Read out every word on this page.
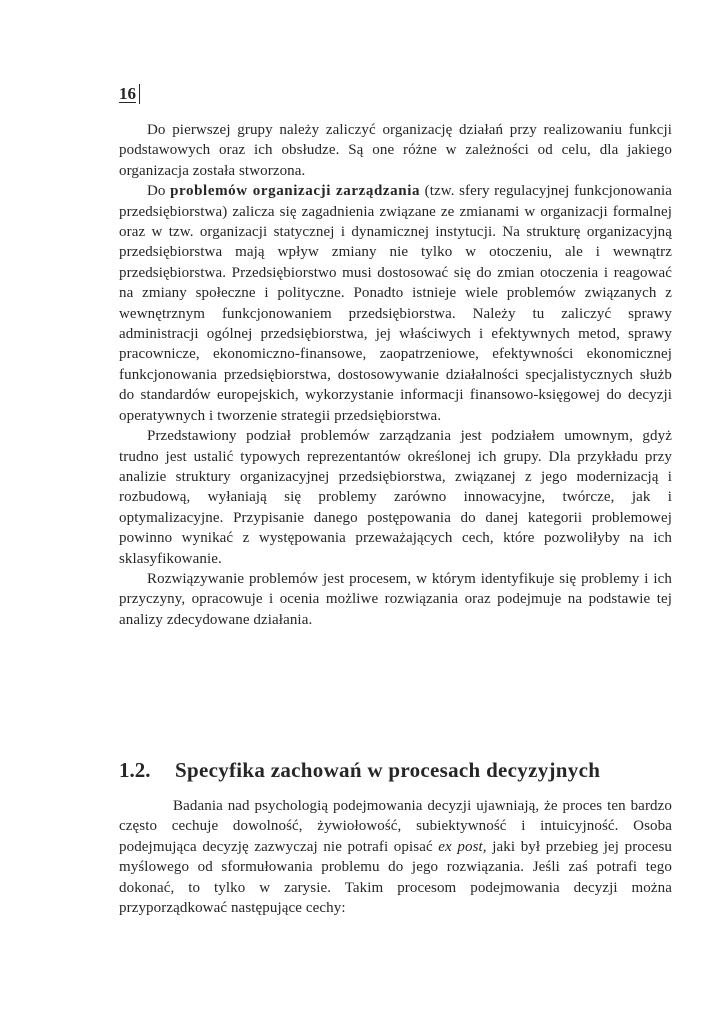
16

Do pierwszej grupy należy zaliczyć organizację działań przy realizowaniu funkcji podstawowych oraz ich obsłudze. Są one różne w zależności od celu, dla jakiego organizacja została stworzona.

Do problemów organizacji zarządzania (tzw. sfery regulacyjnej funkcjonowania przedsiębiorstwa) zalicza się zagadnienia związane ze zmianami w organizacji formalnej oraz w tzw. organizacji statycznej i dynamicznej instytucji. Na strukturę organizacyjną przedsiębiorstwa mają wpływ zmiany nie tylko w otoczeniu, ale i wewnątrz przedsiębiorstwa. Przedsiębiorstwo musi dostosować się do zmian otoczenia i reagować na zmiany społeczne i polityczne. Ponadto istnieje wiele problemów związanych z wewnętrznym funkcjonowaniem przedsiębiorstwa. Należy tu zaliczyć sprawy administracji ogólnej przedsiębiorstwa, jej właściwych i efektywnych metod, sprawy pracownicze, ekonomiczno-finansowe, zaopatrzeniowe, efektywności ekonomicznej funkcjonowania przedsiębiorstwa, dostosowywanie działalności specjalistycznych służb do standardów europejskich, wykorzystanie informacji finansowo-księgowej do decyzji operatywnych i tworzenie strategii przedsiębiorstwa.

Przedstawiony podział problemów zarządzania jest podziałem umownym, gdyż trudno jest ustalić typowych reprezentantów określonej ich grupy. Dla przykładu przy analizie struktury organizacyjnej przedsiębiorstwa, związanej z jego modernizacją i rozbudową, wyłaniają się problemy zarówno innowacyjne, twórcze, jak i optymalizacyjne. Przypisanie danego postępowania do danej kategorii problemowej powinno wynikać z występowania przeważających cech, które pozwoliłyby na ich sklasyfikowanie.

Rozwiązywanie problemów jest procesem, w którym identyfikuje się problemy i ich przyczyny, opracowuje i ocenia możliwe rozwiązania oraz podejmuje na podstawie tej analizy zdecydowane działania.

1.2.	Specyfika zachowań w procesach decyzyjnych

Badania nad psychologią podejmowania decyzji ujawniają, że proces ten bardzo często cechuje dowolność, żywiołowość, subiektywność i intuicyjność. Osoba podejmująca decyzję zazwyczaj nie potrafi opisać ex post, jaki był przebieg jej procesu myślowego od sformułowania problemu do jego rozwiązania. Jeśli zaś potrafi tego dokonać, to tylko w zarysie. Takim procesom podejmowania decyzji można przyporządkować następujące cechy:
